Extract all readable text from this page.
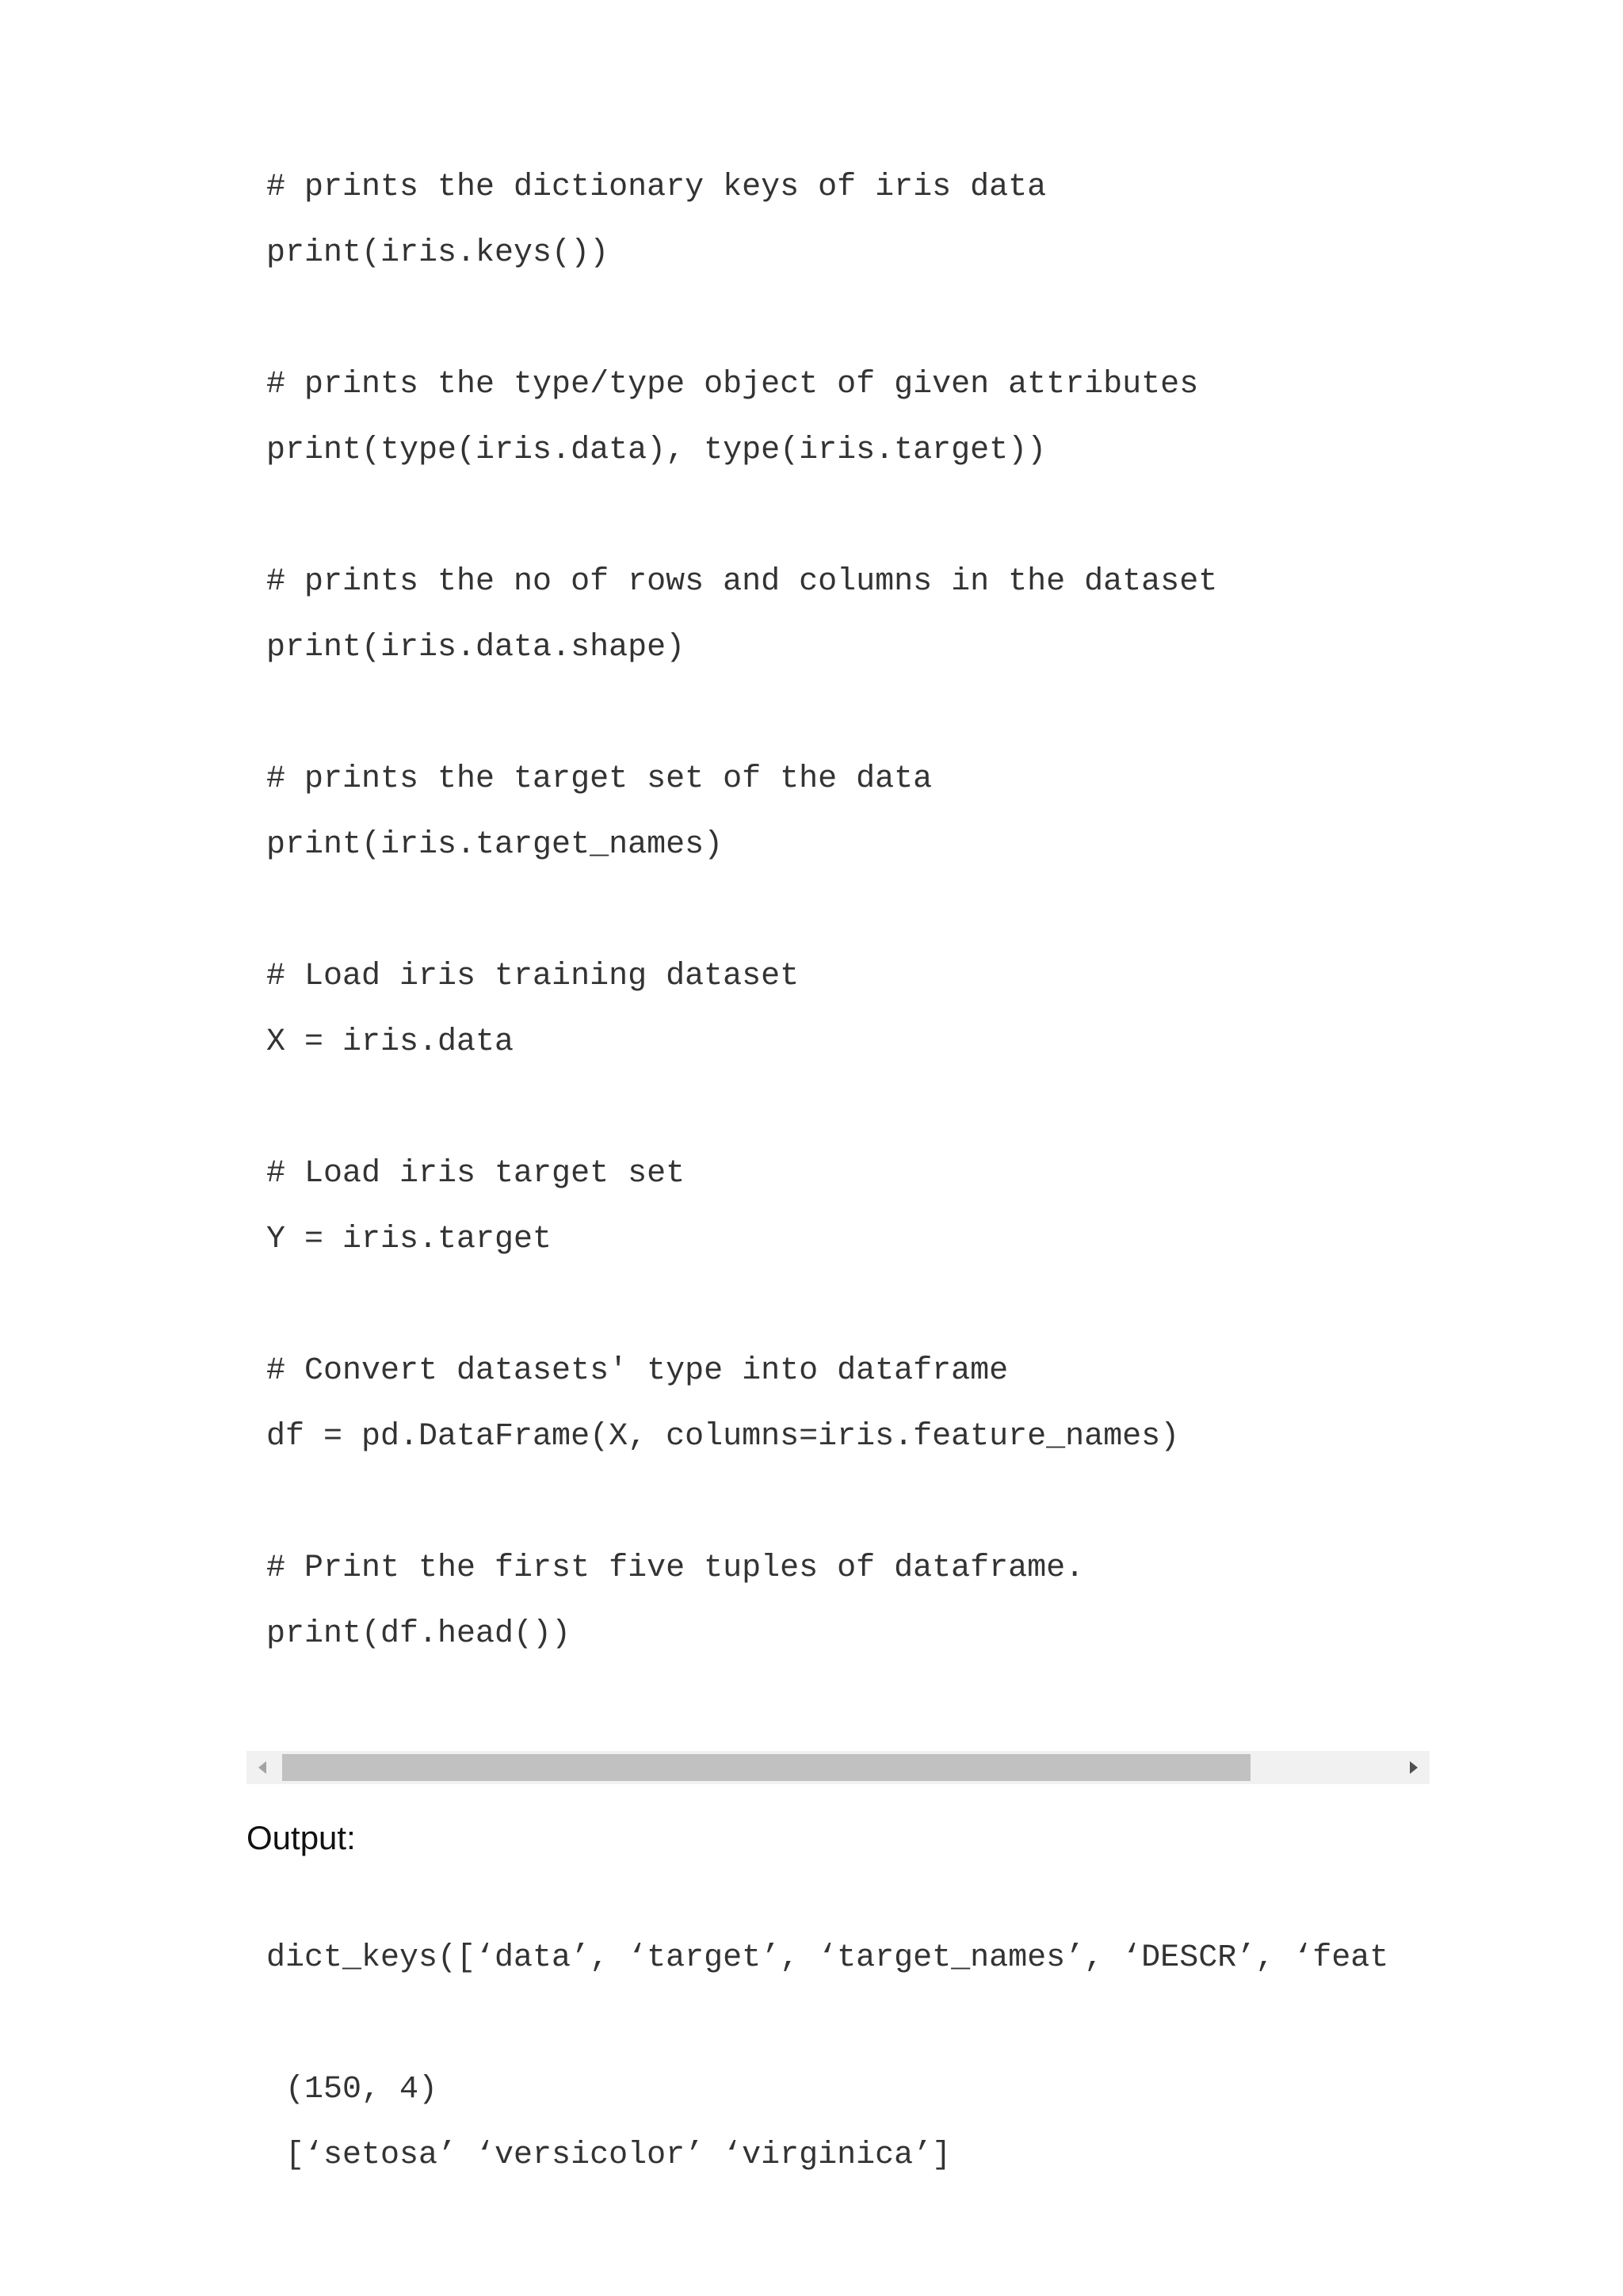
# prints the dictionary keys of iris data
print(iris.keys())
# prints the type/type object of given attributes
print(type(iris.data), type(iris.target))
# prints the no of rows and columns in the dataset
print(iris.data.shape)
# prints the target set of the data
print(iris.target_names)
# Load iris training dataset
X = iris.data
# Load iris target set
Y = iris.target
# Convert datasets' type into dataframe
df = pd.DataFrame(X, columns=iris.feature_names)
# Print the first five tuples of dataframe.
print(df.head())
Output:
dict_keys([‘data’, ‘target’, ‘target_names’, ‘DESCR’, ‘feat
(150, 4)
[‘setosa’ ‘versicolor’ ‘virginica’]
